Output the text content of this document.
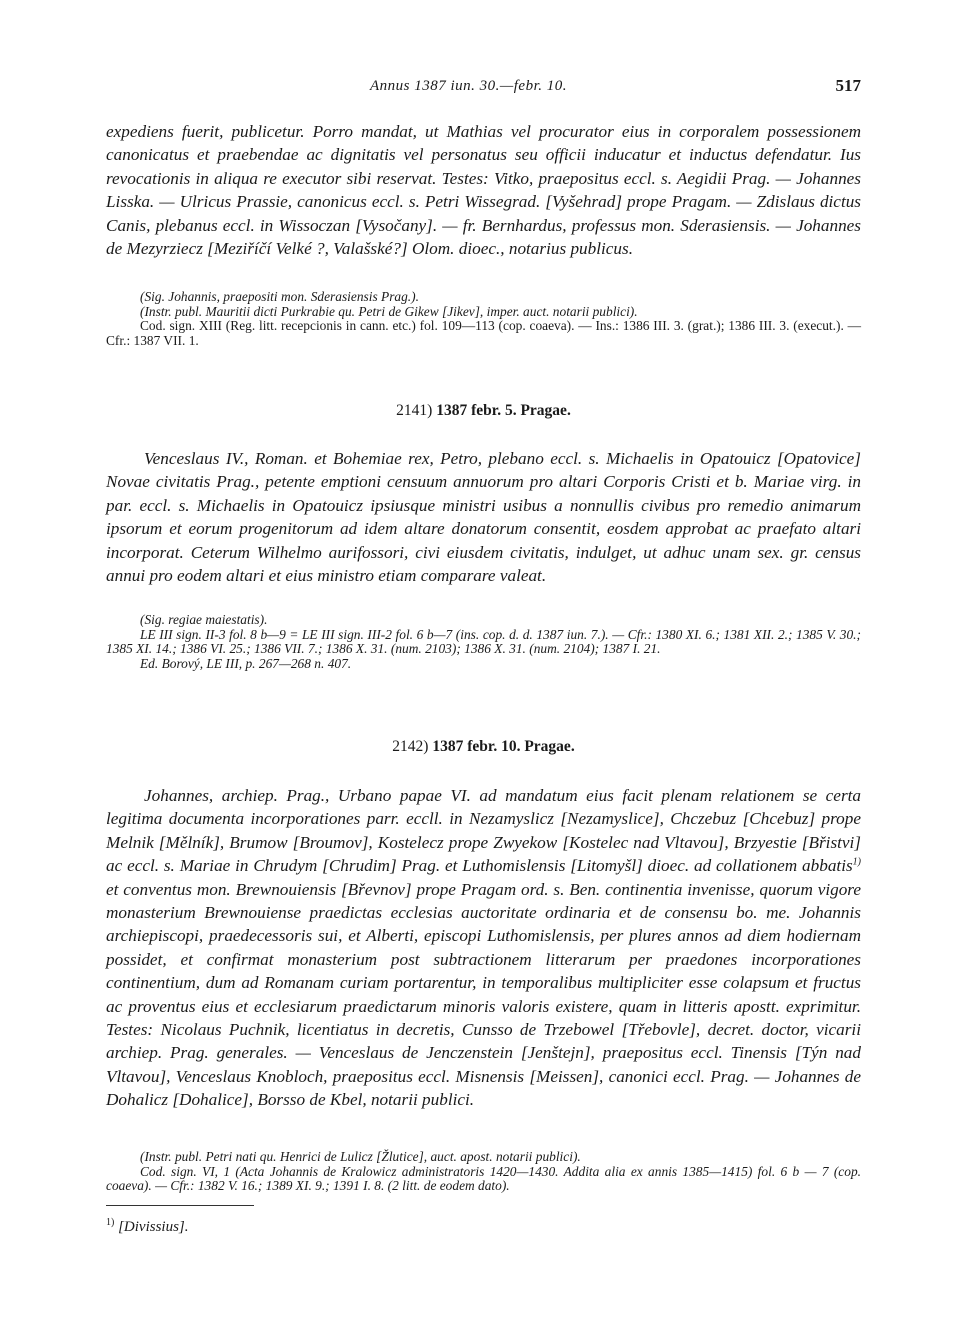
Annus 1387 iun. 30.—febr. 10.	517

expediens fuerit, publicetur. Porro mandat, ut Mathias vel procurator eius in corporalem possessionem canonicatus et praebendae ac dignitatis vel personatus seu officii inducatur et inductus defendatur. Ius revocationis in aliqua re executor sibi reservat. Testes: Vitko, praepositus eccl. s. Aegidii Prag. — Johannes Lisska. — Ulricus Prassie, canonicus eccl. s. Petri Wissegrad. [Vyšehrad] prope Pragam. — Zdislaus dictus Canis, plebanus eccl. in Wissoczan [Vysočany]. — fr. Bernhardus, professus mon. Sderasiensis. — Johannes de Mezyrziecz [Meziříčí Velké ?, Valašské?] Olom. dioec., notarius publicus.

(Sig. Johannis, praepositi mon. Sderasiensis Prag.).
(Instr. publ. Mauritii dicti Purkrabie qu. Petri de Gikew [Jikev], imper. auct. notarii publici).
Cod. sign. XIII (Reg. litt. recepcionis in cann. etc.) fol. 109—113 (cop. coaeva). — Ins.: 1386 III. 3. (grat.); 1386 III. 3. (execut.). — Cfr.: 1387 VII. 1.

2141) 1387 febr. 5. Pragae.

Venceslaus IV., Roman. et Bohemiae rex, Petro, plebano eccl. s. Michaelis in Opatouicz [Opatovice] Novae civitatis Prag., petente emptioni censuum annuorum pro altari Corporis Cristi et b. Mariae virg. in par. eccl. s. Michaelis in Opatouicz ipsiusque ministri usibus a nonnullis civibus pro remedio animarum ipsorum et eorum progenitorum ad idem altare donatorum consentit, eosdem approbat ac praefato altari incorporat. Ceterum Wilhelmo aurifossori, civi eiusdem civitatis, indulget, ut adhuc unam sex. gr. census annui pro eodem altari et eius ministro etiam comparare valeat.

(Sig. regiae maiestatis).
LE III sign. II-3 fol. 8 b—9 = LE III sign. III-2 fol. 6 b—7 (ins. cop. d. d. 1387 iun. 7.). — Cfr.: 1380 XI. 6.; 1381 XII. 2.; 1385 V. 30.; 1385 XI. 14.; 1386 VI. 25.; 1386 VII. 7.; 1386 X. 31. (num. 2103); 1386 X. 31. (num. 2104); 1387 I. 21.
Ed. Borový, LE III, p. 267—268 n. 407.

2142) 1387 febr. 10. Pragae.

Johannes, archiep. Prag., Urbano papae VI. ad mandatum eius facit plenam relationem se certa legitima documenta incorporationes parr. eccll. in Nezamyslicz [Nezamyslice], Chczebuz [Chcebuz] prope Melnik [Mělník], Brumow [Broumov], Kostelecz prope Zwyekow [Kostelec nad Vltavou], Brzyestie [Břistvi] ac eccl. s. Mariae in Chrudym [Chrudim] Prag. et Luthomislensis [Litomyšl] dioec. ad collationem abbatis$^{1)}$ et conventus mon. Brewnouiensis [Břevnov] prope Pragam ord. s. Ben. continentia invenisse, quorum vigore monasterium Brewnouiense praedictas ecclesias auctoritate ordinaria et de consensu bo. me. Johannis archiepiscopi, praedecessoris sui, et Alberti, episcopi Luthomislensis, per plures annos ad diem hodiernam possidet, et confirmat monasterium post subtractionem litterarum per praedones incorporationes continentium, dum ad Romanam curiam portarentur, in temporalibus multipliciter esse colapsum et fructus ac proventus eius et ecclesiarum praedictarum minoris valoris existere, quam in litteris apostt. exprimitur. Testes: Nicolaus Puchnik, licentiatus in decretis, Cunsso de Trzebowel [Třebovle], decret. doctor, vicarii archiep. Prag. generales. — Venceslaus de Jenczenstein [Jenštejn], praepositus eccl. Tinensis [Týn nad Vltavou], Venceslaus Knobloch, praepositus eccl. Misnensis [Meissen], canonici eccl. Prag. — Johannes de Dohalicz [Dohalice], Borsso de Kbel, notarii publici.

(Instr. publ. Petri nati qu. Henrici de Lulicz [Žlutice], auct. apost. notarii publici).
Cod. sign. VI, 1 (Acta Johannis de Kralowicz administratoris 1420—1430. Addita alia ex annis 1385—1415) fol. 6 b — 7 (cop. coaeva). — Cfr.: 1382 V. 16.; 1389 XI. 9.; 1391 I. 8. (2 litt. de eodem dato).

$^{1)}$ [Divissius].
